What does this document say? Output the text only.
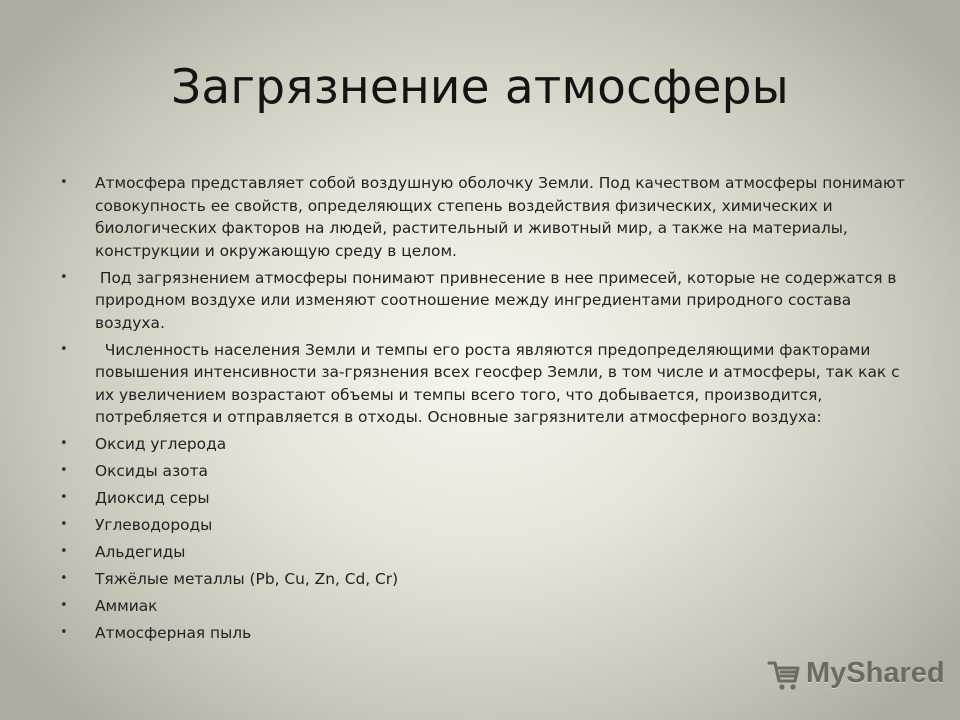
Загрязнение атмосферы
• Атмосфера представляет собой воздушную оболочку Земли. Под качеством атмосферы понимают совокупность ее свойств, определяющих степень воздействия физических, химических и биологических факторов на людей, растительный и животный мир, а также на материалы, конструкции и окружающую среду в целом.
• Под загрязнением атмосферы понимают привнесение в нее примесей, которые не содержатся в природном воздухе или изменяют соотношение между ингредиентами природного состава воздуха.
• Численность населения Земли и темпы его роста являются предопределяющими факторами повышения интенсивности за-грязнения всех геосфер Земли, в том числе и атмосферы, так как с их увеличением возрастают объемы и темпы всего того, что добывается, производится, потребляется и отправляется в отходы. Основные загрязнители атмосферного воздуха:
• Оксид углерода
• Оксиды азота
• Диоксид серы
• Углеводороды
• Альдегиды
• Тяжёлые металлы (Pb, Cu, Zn, Cd, Cr)
• Аммиак
• Атмосферная пыль
MyShared
